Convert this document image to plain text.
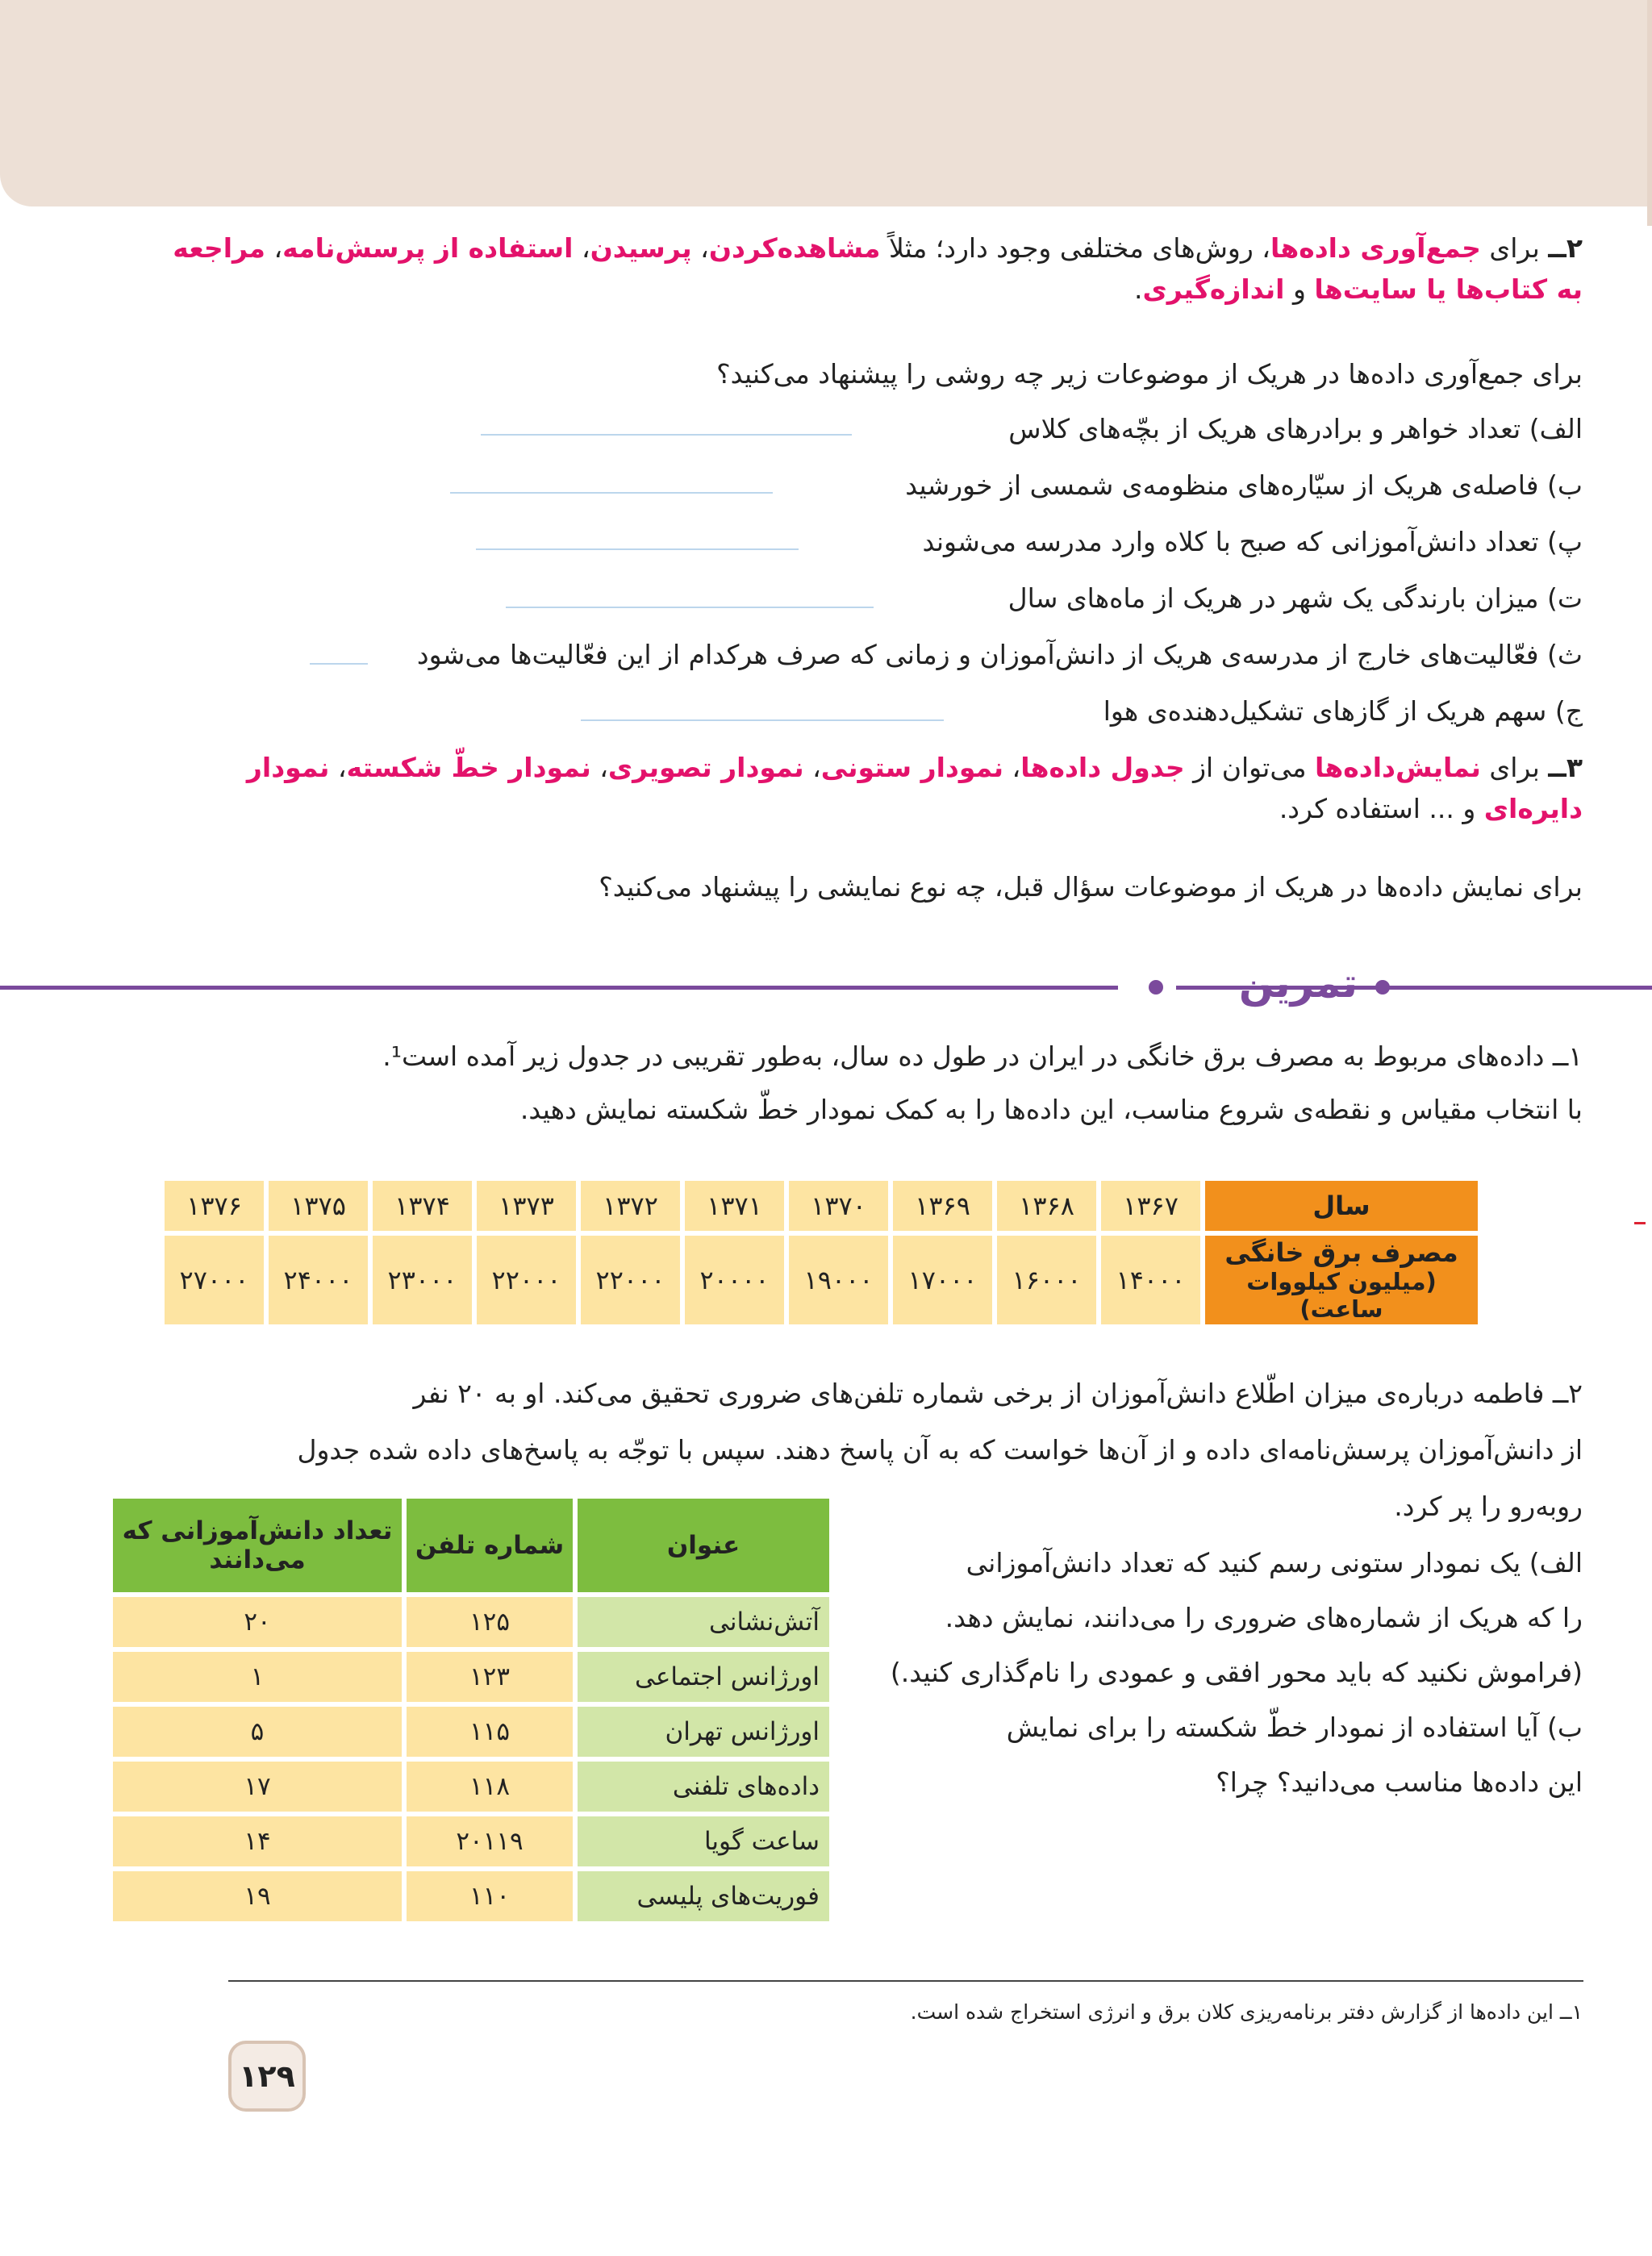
۲ــ برای جمع‌آوری داده‌ها، روش‌های مختلفی وجود دارد؛ مثلاً مشاهده‌کردن، پرسیدن، استفاده از پرسش‌نامه، مراجعه به کتاب‌ها یا سایت‌ها و اندازه‌گیری.
برای جمع‌آوری داده‌ها در هریک از موضوعات زیر چه روشی را پیشنهاد می‌کنید؟
الف) تعداد خواهر و برادرهای هریک از بچّه‌های کلاس
ب) فاصله‌ی هریک از سیّاره‌های منظومه‌ی شمسی از خورشید
پ) تعداد دانش‌آموزانی که صبح با کلاه وارد مدرسه می‌شوند
ت) میزان بارندگی یک شهر در هریک از ماه‌های سال
ث) فعّالیت‌های خارج از مدرسه‌ی هریک از دانش‌آموزان و زمانی که صرف هرکدام از این فعّالیت‌ها می‌شود
ج) سهم هریک از گازهای تشکیل‌دهنده‌ی هوا
۳ــ برای نمایش‌داده‌ها می‌توان از جدول داده‌ها، نمودار ستونی، نمودار تصویری، نمودار خطّ شکسته، نمودار دایره‌ای و ... استفاده کرد.
برای نمایش داده‌ها در هریک از موضوعات سؤال قبل، چه نوع نمایشی را پیشنهاد می‌کنید؟
تمرین
۱ــ داده‌های مربوط به مصرف برق خانگی در ایران در طول ده سال، به‌طور تقریبی در جدول زیر آمده است¹.
با انتخاب مقیاس و نقطه‌ی شروع مناسب، این داده‌ها را به کمک نمودار خطّ شکسته نمایش دهید.
سال	۱۳۶۷	۱۳۶۸	۱۳۶۹	۱۳۷۰	۱۳۷۱	۱۳۷۲	۱۳۷۳	۱۳۷۴	۱۳۷۵	۱۳۷۶

مصرف برق خانگی
(میلیون کیلووات ساعت)	۱۴۰۰۰	۱۶۰۰۰	۱۷۰۰۰	۱۹۰۰۰	۲۰۰۰۰	۲۲۰۰۰	۲۲۰۰۰	۲۳۰۰۰	۲۴۰۰۰	۲۷۰۰۰
۲ــ فاطمه درباره‌ی میزان اطّلاع دانش‌آموزان از برخی شماره تلفن‌های ضروری تحقیق می‌کند. او به ۲۰ نفر
از دانش‌آموزان پرسش‌نامه‌ای داده و از آن‌ها خواست که به آن پاسخ دهند. سپس با توجّه به پاسخ‌های داده شده جدول
روبه‌رو را پر کرد.
الف) یک نمودار ستونی رسم کنید که تعداد دانش‌آموزانی
را که هریک از شماره‌های ضروری را می‌دانند، نمایش دهد.
(فراموش نکنید که باید محور افقی و عمودی را نام‌گذاری کنید.)
ب) آیا استفاده از نمودار خطّ شکسته را برای نمایش
این داده‌ها مناسب می‌دانید؟ چرا؟
عنوان	شماره تلفن	تعداد دانش‌آموزانی که می‌دانند
آتش‌نشانی	۱۲۵	۲۰
اورژانس اجتماعی	۱۲۳	۱
اورژانس تهران	۱۱۵	۵
داده‌های تلفنی	۱۱۸	۱۷
ساعت گویا	۲۰۱۱۹	۱۴
فوریت‌های پلیسی	۱۱۰	۱۹
۱ــ این داده‌ها از گزارش دفتر برنامه‌ریزی کلان برق و انرژی استخراج شده است.
۱۲۹
